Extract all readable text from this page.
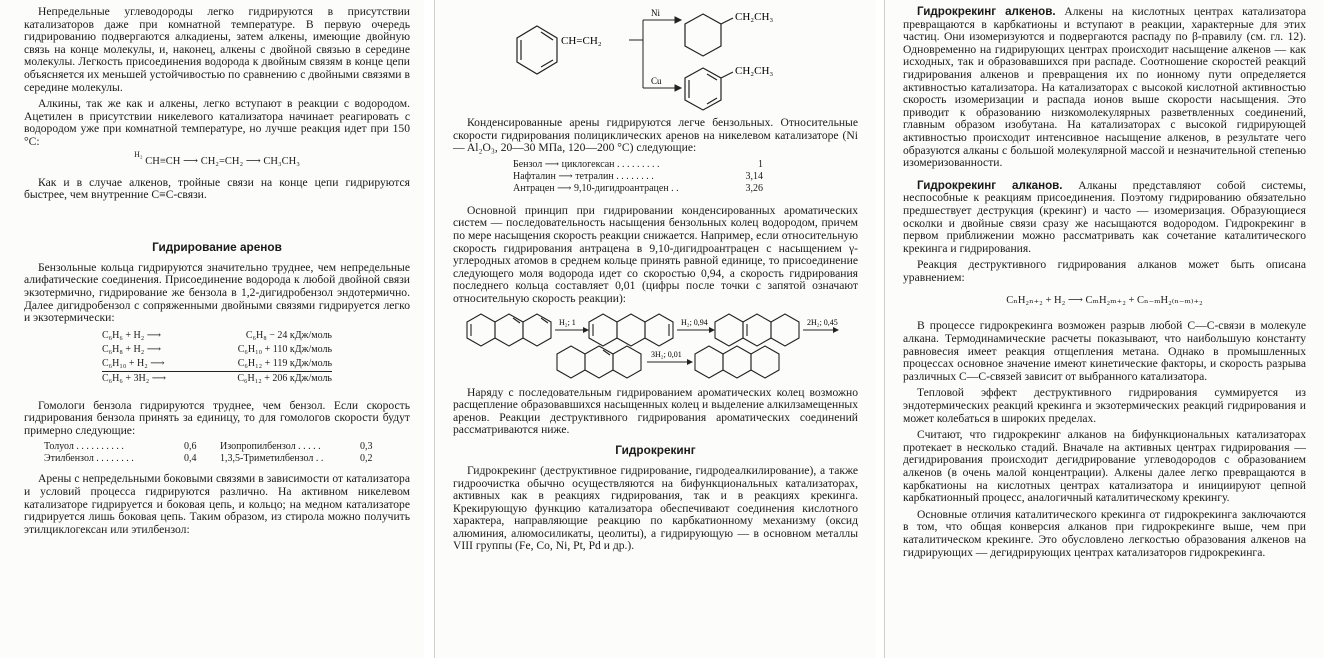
Непредельные углеводороды легко гидрируются в присутствии катализаторов даже при комнатной температуре. В первую очередь гидрированию подвергаются алкадиены, затем алкены, имеющие двойную связь на конце молекулы, и, наконец, алкены с двойной связью в середине молекулы. Легкость присоединения водорода к двойным связям в конце цепи объясняется их меньшей устойчивостью по сравнению с двойными связями в середине молекулы.

Алкины, так же как и алкены, легко вступают в реакции с водородом. Ацетилен в присутствии никелевого катализатора начинает реагировать с водородом уже при комнатной температуре, но лучше реакция идет при 150 °С:

$^{H_2}$ CH≡CH ⟶ CH₂=CH₂ ⟶ CH₃CH₃

Как и в случае алкенов, тройные связи на конце цепи гидрируются быстрее, чем внутренние C≡C-связи.

Гидрирование аренов

Бензольные кольца гидрируются значительно труднее, чем непредельные алифатические соединения. Присоединение водорода к любой двойной связи экзотермично, гидрирование же бензола в 1,2-дигидробензол эндотермично. Далее дигидробензол с сопряженными двойными связями гидрируется легко и экзотермически:

C₆H₆ + H₂ ⟶	C₆H₈ − 24 кДж/моль
C₆H₈ + H₂ ⟶	C₆H₁₀ + 110 кДж/моль
C₆H₁₀ + H₂ ⟶	C₆H₁₂ + 119 кДж/моль
C₆H₆ + 3H₂ ⟶	C₆H₁₂ + 206 кДж/моль

Гомологи бензола гидрируются труднее, чем бензол. Если скорость гидрирования бензола принять за единицу, то для гомологов скорости будут примерно следующие:

Толуол . . . . . . . . . .	0,6	Изопропилбензол . . . . .	0,3
Этилбензол . . . . . . . .	0,4	1,3,5-Триметилбензол . .	0,2

Арены с непредельными боковыми связями в зависимости от катализатора и условий процесса гидрируются различно. На активном никелевом катализаторе гидрируется и боковая цепь, и кольцо; на медном катализаторе гидрируется лишь боковая цепь. Таким образом, из стирола можно получить этилциклогексан или этилбензол:

CH=CH₂
Ni
Cu
CH₂CH₃
CH₂CH₃

Конденсированные арены гидрируются легче бензольных. Относительные скорости гидрирования полициклических аренов на никелевом катализаторе (Ni — Al₂O₃, 20—30 МПа, 120—200 °С) следующие:

Бензол ⟶ циклогексан . . . . . . . . .	1
Нафталин ⟶ тетралин . . . . . . . .	3,14
Антрацен ⟶ 9,10-дигидроантрацен . .	3,26

Основной принцип при гидрировании конденсированных ароматических систем — последовательность насыщения бензольных колец водородом, причем по мере насыщения скорость реакции снижается. Например, если относительную скорость гидрирования антрацена в 9,10-дигидроантрацен с насыщением γ-углеродных атомов в среднем кольце принять равной единице, то присоединение следующего моля водорода идет со скоростью 0,94, а скорость гидрирования последнего кольца составляет 0,01 (цифры после точки с запятой означают относительную скорость реакции):

H₂; 1	H₂; 0,94	2H₂; 0,45
3H₂; 0,01

Наряду с последовательным гидрированием ароматических колец возможно расщепление образовавшихся насыщенных колец и выделение алкилзамещенных аренов. Реакции деструктивного гидрирования ароматических соединений рассматриваются ниже.

Гидрокрекинг

Гидрокрекинг (деструктивное гидрирование, гидродеалкилирование), а также гидроочистка обычно осуществляются на бифункциональных катализаторах, активных как в реакциях гидрирования, так и в реакциях крекинга. Крекирующую функцию катализатора обеспечивают соединения кислотного характера, направляющие реакцию по карбкатионному механизму (оксид алюминия, алюмосиликаты, цеолиты), а гидрирующую — в основном металлы VIII группы (Fe, Co, Ni, Pt, Pd и др.).

Гидрокрекинг алкенов. Алкены на кислотных центрах катализатора превращаются в карбкатионы и вступают в реакции, характерные для этих частиц. Они изомеризуются и подвергаются распаду по β-правилу (см. гл. 12). Одновременно на гидрирующих центрах происходит насыщение алкенов — как исходных, так и образовавшихся при распаде. Соотношение скоростей реакций гидрирования алкенов и превращения их по ионному пути определяется активностью катализатора. На катализаторах с высокой кислотной активностью скорость изомеризации и распада ионов выше скорости насыщения. Это приводит к образованию низкомолекулярных разветвленных соединений, главным образом изобутана. На катализаторах с высокой гидрирующей активностью происходит интенсивное насыщение алкенов, в результате чего образуются алканы с большой молекулярной массой и незначительной степенью изомеризованности.

Гидрокрекинг алканов. Алканы представляют собой системы, неспособные к реакциям присоединения. Поэтому гидрированию обязательно предшествует деструкция (крекинг) и часто — изомеризация. Образующиеся осколки и двойные связи сразу же насыщаются водородом. Гидрокрекинг в первом приближении можно рассматривать как сочетание каталитического крекинга и гидрирования.

Реакция деструктивного гидрирования алканов может быть описана уравнением:

CₙH₂ₙ₊₂ + H₂ ⟶ CₘH₂ₘ₊₂ + Cₙ₋ₘH₂₍ₙ₋ₘ₎₊₂

В процессе гидрокрекинга возможен разрыв любой C—C-связи в молекуле алкана. Термодинамические расчеты показывают, что наибольшую константу равновесия имеет реакция отщепления метана. Однако в промышленных процессах основное значение имеют кинетические факторы, и скорость разрыва различных C—C-связей зависит от выбранного катализатора.

Тепловой эффект деструктивного гидрирования суммируется из эндотермических реакций крекинга и экзотермических реакций гидрирования и может колебаться в широких пределах.

Считают, что гидрокрекинг алканов на бифункциональных катализаторах протекает в несколько стадий. Вначале на активных центрах гидрирования — дегидрирования происходит дегидрирование углеводородов с образованием алкенов (в очень малой концентрации). Алкены далее легко превращаются в карбкатионы на кислотных центрах катализатора и инициируют цепной карбкатионный процесс, аналогичный каталитическому крекингу.

Основные отличия каталитического крекинга от гидрокрекинга заключаются в том, что общая конверсия алканов при гидрокрекинге выше, чем при каталитическом крекинге. Это обусловлено легкостью образования алкенов на гидрирующих — дегидрирующих центрах катализаторов гидрокрекинга.
